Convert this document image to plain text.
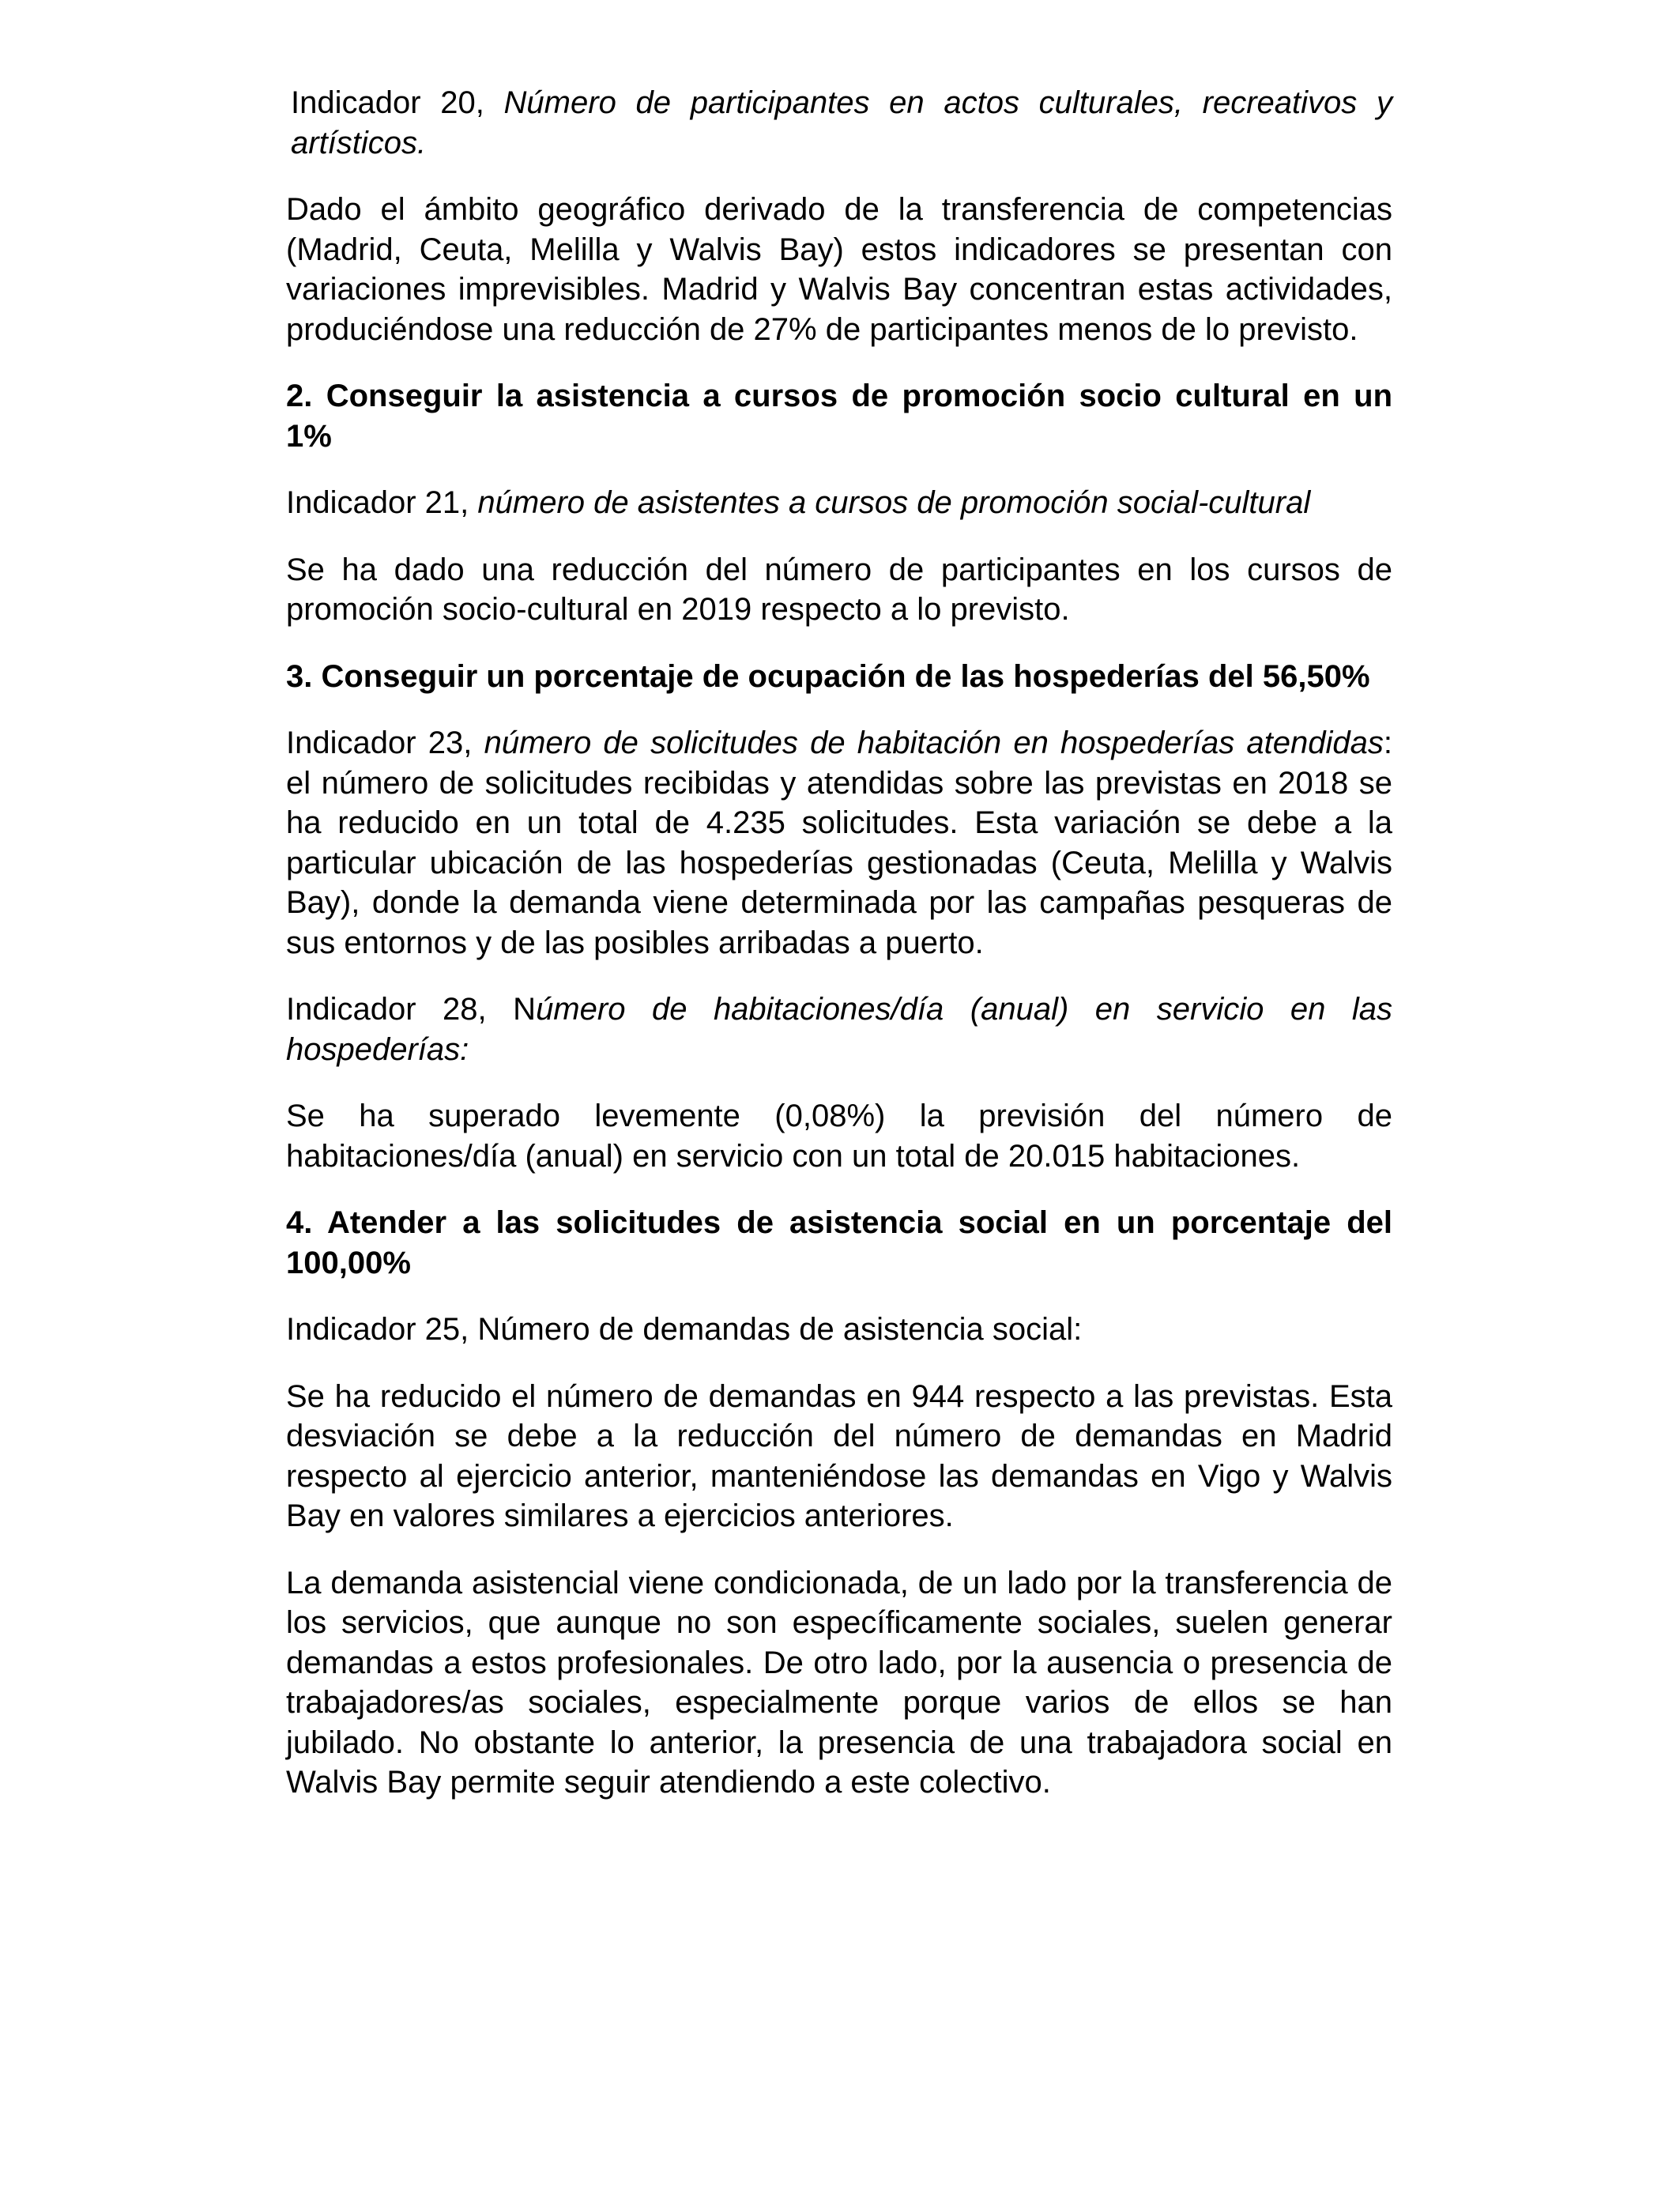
Indicador 20, Número de participantes en actos culturales, recreativos y artísticos.

Dado el ámbito geográfico derivado de la transferencia de competencias (Madrid, Ceuta, Melilla y Walvis Bay) estos indicadores se presentan con variaciones imprevisibles. Madrid y Walvis Bay concentran estas actividades, produciéndose una reducción de 27% de participantes menos de lo previsto.

2. Conseguir la asistencia a cursos de promoción socio cultural en un 1%

Indicador 21, número de asistentes a cursos de promoción social-cultural

Se ha dado una reducción del número de participantes en los cursos de promoción socio-cultural en 2019 respecto a lo previsto.

3. Conseguir un porcentaje de ocupación de las hospederías del 56,50%

Indicador 23, número de solicitudes de habitación en hospederías atendidas: el número de solicitudes recibidas y atendidas sobre las previstas en 2018 se ha reducido en un total de 4.235 solicitudes. Esta variación se debe a la particular ubicación de las hospederías gestionadas (Ceuta, Melilla y Walvis Bay), donde la demanda viene determinada por las campañas pesqueras de sus entornos y de las posibles arribadas a puerto.

Indicador 28, Número de habitaciones/día (anual) en servicio en las hospederías:

Se ha superado levemente (0,08%) la previsión del número de habitaciones/día (anual) en servicio con un total de 20.015 habitaciones.

4. Atender a las solicitudes de asistencia social en un porcentaje del 100,00%

Indicador 25, Número de demandas de asistencia social:

Se ha reducido el número de demandas en 944 respecto a las previstas. Esta desviación se debe a la reducción del número de demandas en Madrid respecto al ejercicio anterior, manteniéndose las demandas en Vigo y Walvis Bay en valores similares a ejercicios anteriores.

La demanda asistencial viene condicionada, de un lado por la transferencia de los servicios, que aunque no son específicamente sociales, suelen generar demandas a estos profesionales. De otro lado, por la ausencia o presencia de trabajadores/as sociales, especialmente porque varios de ellos se han jubilado. No obstante lo anterior, la presencia de una trabajadora social en Walvis Bay permite seguir atendiendo a este colectivo.
